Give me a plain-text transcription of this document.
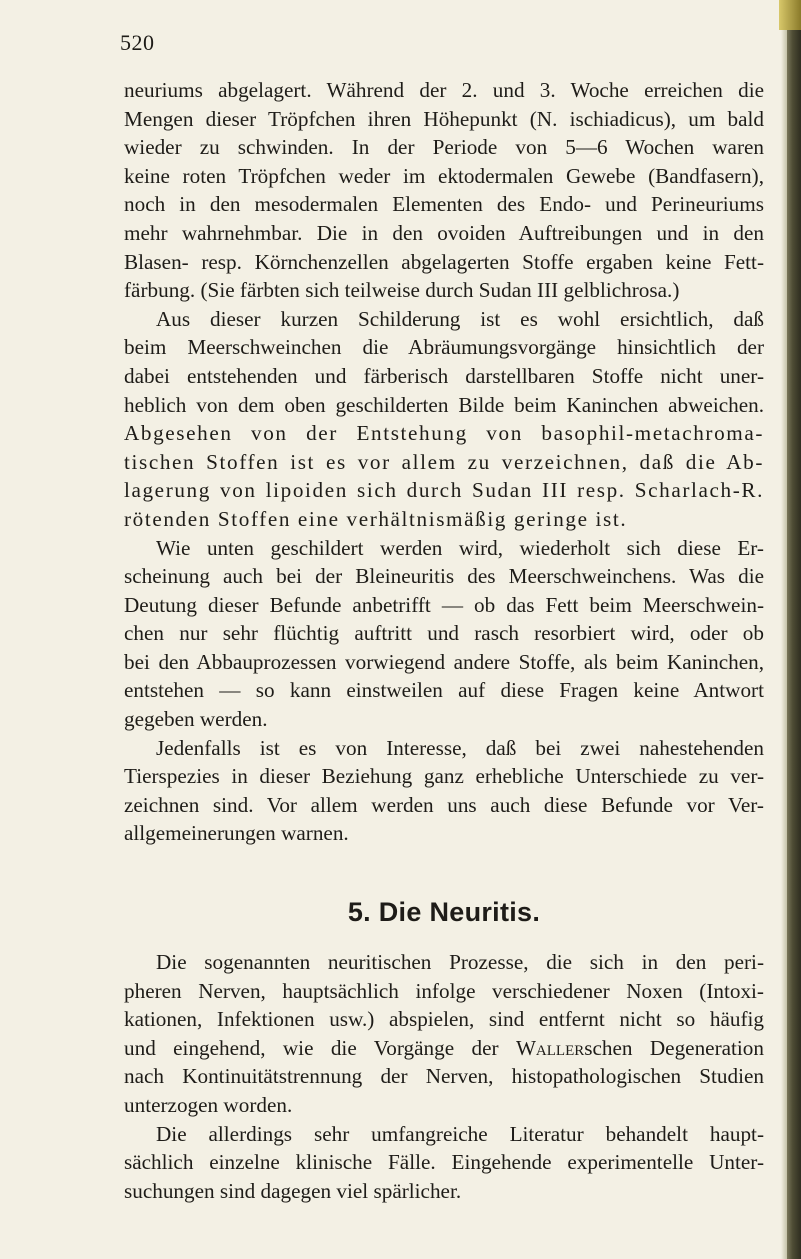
520
neuriums abgelagert. Während der 2. und 3. Woche erreichen die
Mengen dieser Tröpfchen ihren Höhepunkt (N. ischiadicus), um bald
wieder zu schwinden. In der Periode von 5—6 Wochen waren
keine roten Tröpfchen weder im ektodermalen Gewebe (Bandfasern),
noch in den mesodermalen Elementen des Endo- und Perineuriums
mehr wahrnehmbar. Die in den ovoiden Auftreibungen und in den
Blasen- resp. Körnchenzellen abgelagerten Stoffe ergaben keine Fett-
färbung. (Sie färbten sich teilweise durch Sudan III gelblichrosa.)
Aus dieser kurzen Schilderung ist es wohl ersichtlich, daß
beim Meerschweinchen die Abräumungsvorgänge hinsichtlich der
dabei entstehenden und färberisch darstellbaren Stoffe nicht uner-
heblich von dem oben geschilderten Bilde beim Kaninchen abweichen.
Abgesehen von der Entstehung von basophil-metachroma-
tischen Stoffen ist es vor allem zu verzeichnen, daß die Ab-
lagerung von lipoiden sich durch Sudan III resp. Scharlach-R.
rötenden Stoffen eine verhältnismäßig geringe ist.
Wie unten geschildert werden wird, wiederholt sich diese Er-
scheinung auch bei der Bleineuritis des Meerschweinchens. Was die
Deutung dieser Befunde anbetrifft — ob das Fett beim Meerschwein-
chen nur sehr flüchtig auftritt und rasch resorbiert wird, oder ob
bei den Abbauprozessen vorwiegend andere Stoffe, als beim Kaninchen,
entstehen — so kann einstweilen auf diese Fragen keine Antwort
gegeben werden.
Jedenfalls ist es von Interesse, daß bei zwei nahestehenden
Tierspezies in dieser Beziehung ganz erhebliche Unterschiede zu ver-
zeichnen sind. Vor allem werden uns auch diese Befunde vor Ver-
allgemeinerungen warnen.
5. Die Neuritis.
Die sogenannten neuritischen Prozesse, die sich in den peri-
pheren Nerven, hauptsächlich infolge verschiedener Noxen (Intoxi-
kationen, Infektionen usw.) abspielen, sind entfernt nicht so häufig
und eingehend, wie die Vorgänge der Wallerschen Degeneration
nach Kontinuitätstrennung der Nerven, histopathologischen Studien
unterzogen worden.
Die allerdings sehr umfangreiche Literatur behandelt haupt-
sächlich einzelne klinische Fälle. Eingehende experimentelle Unter-
suchungen sind dagegen viel spärlicher.
